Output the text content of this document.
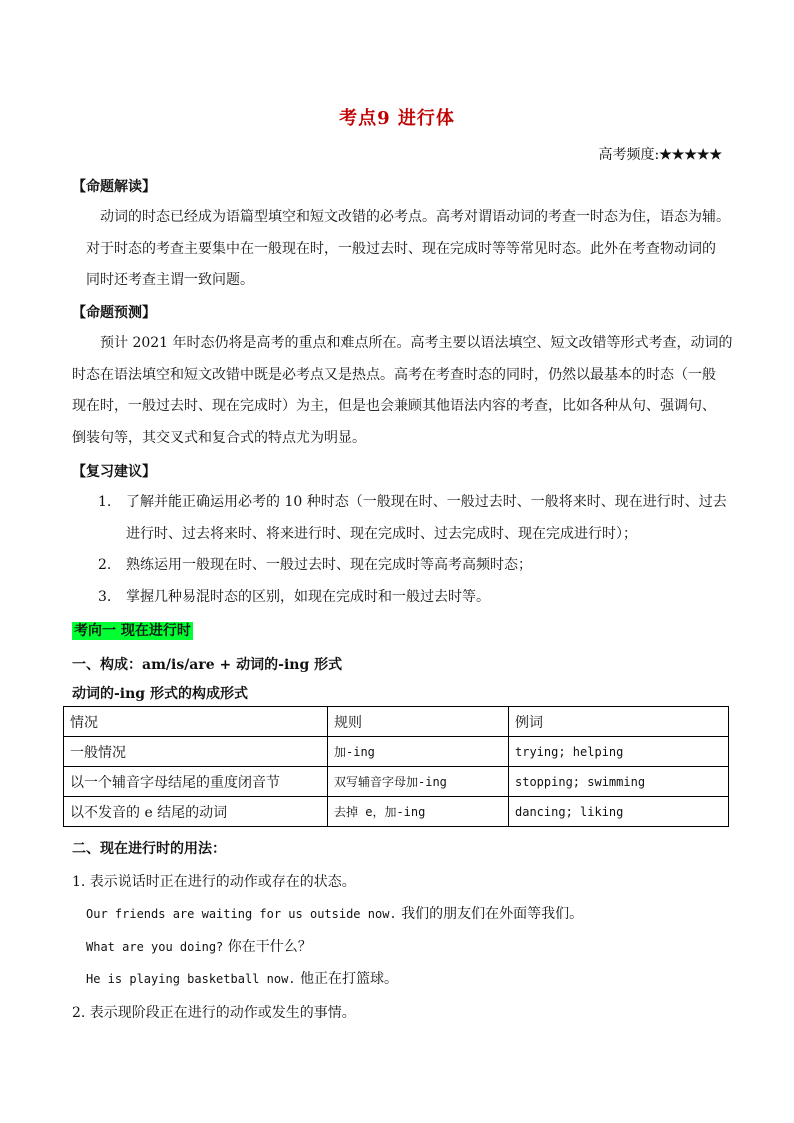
考点9 进行体
高考频度:★★★★★
【命题解读】
动词的时态已经成为语篇型填空和短文改错的必考点。高考对谓语动词的考查一时态为住，语态为辅。
对于时态的考查主要集中在一般现在时，一般过去时、现在完成时等等常见时态。此外在考查物动词的
同时还考查主谓一致问题。
【命题预测】
预计 2021 年时态仍将是高考的重点和难点所在。高考主要以语法填空、短文改错等形式考查，动词的
时态在语法填空和短文改错中既是必考点又是热点。高考在考查时态的同时，仍然以最基本的时态（一般
现在时，一般过去时、现在完成时）为主，但是也会兼顾其他语法内容的考查，比如各种从句、强调句、
倒装句等，其交叉式和复合式的特点尤为明显。
【复习建议】
1. 了解并能正确运用必考的 10 种时态（一般现在时、一般过去时、一般将来时、现在进行时、过去
进行时、过去将来时、将来进行时、现在完成时、过去完成时、现在完成进行时）；
2. 熟练运用一般现在时、一般过去时、现在完成时等高考高频时态；
3. 掌握几种易混时态的区别，如现在完成时和一般过去时等。
考向一 现在进行时
一、构成：am/is/are + 动词的-ing 形式
动词的-ing 形式的构成形式
情况	规则	例词
一般情况	加-ing	trying; helping
以一个辅音字母结尾的重度闭音节	双写辅音字母加-ing	stopping; swimming
以不发音的 e 结尾的动词	去掉 e，加-ing	dancing; liking
二、现在进行时的用法：
1. 表示说话时正在进行的动作或存在的状态。
Our friends are waiting for us outside now. 我们的朋友们在外面等我们。
What are you doing? 你在干什么？
He is playing basketball now. 他正在打篮球。
2. 表示现阶段正在进行的动作或发生的事情。
